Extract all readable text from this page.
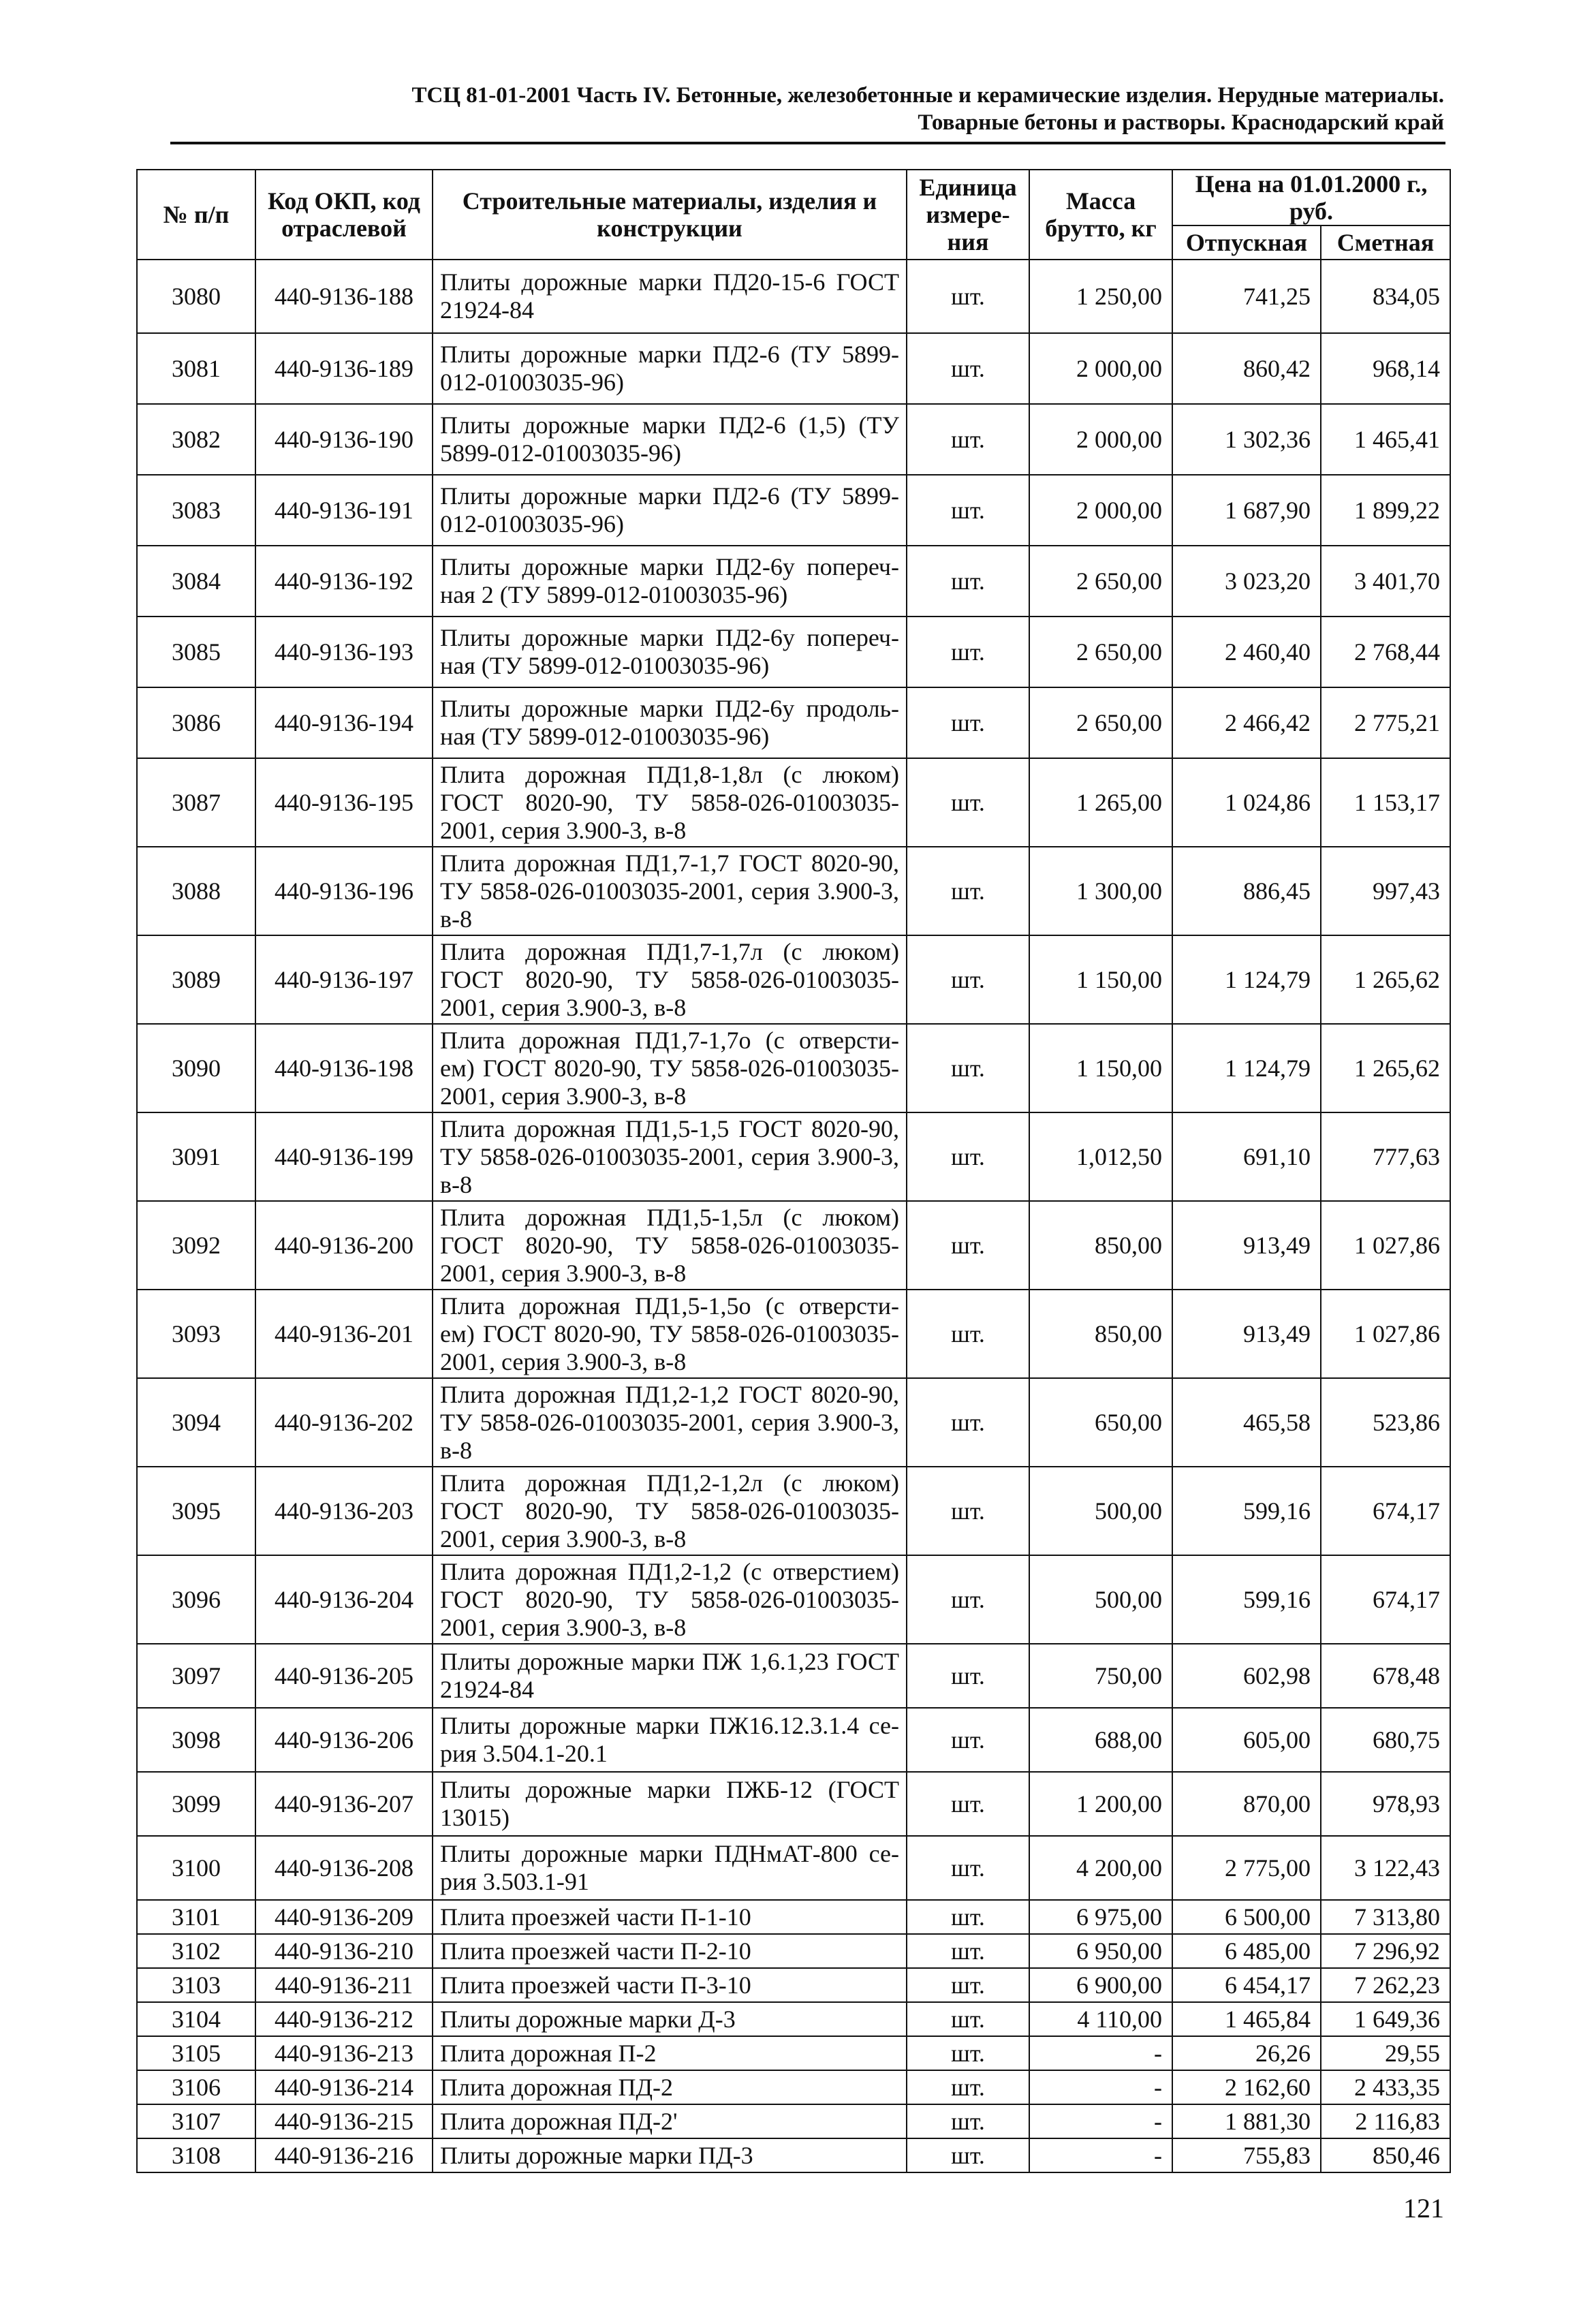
ТСЦ 81-01-2001 Часть IV. Бетонные, железобетонные и керамические изделия. Нерудные материалы.
Товарные бетоны и растворы. Краснодарский край
№ п/п	Код ОКП, код отраслевой	Строительные материалы, изделия и конструкции	Единица измере-ния	Масса брутто, кг	Цена на 01.01.2000 г., руб.	
					Отпускная	Сметная
3080	440-9136-188	Плиты дорожные марки ПД20-15-6 ГОСТ 21924-84	шт.	1 250,00	741,25	834,05
3081	440-9136-189	Плиты дорожные марки ПД2-6 (ТУ 5899-012-01003035-96)	шт.	2 000,00	860,42	968,14
3082	440-9136-190	Плиты дорожные марки ПД2-6 (1,5) (ТУ 5899-012-01003035-96)	шт.	2 000,00	1 302,36	1 465,41
3083	440-9136-191	Плиты дорожные марки ПД2-6 (ТУ 5899-012-01003035-96)	шт.	2 000,00	1 687,90	1 899,22
3084	440-9136-192	Плиты дорожные марки ПД2-6у попереч-ная 2 (ТУ 5899-012-01003035-96)	шт.	2 650,00	3 023,20	3 401,70
3085	440-9136-193	Плиты дорожные марки ПД2-6у попереч-ная (ТУ 5899-012-01003035-96)	шт.	2 650,00	2 460,40	2 768,44
3086	440-9136-194	Плиты дорожные марки ПД2-6у продоль-ная (ТУ 5899-012-01003035-96)	шт.	2 650,00	2 466,42	2 775,21
3087	440-9136-195	Плита дорожная ПД1,8-1,8л (с люком) ГОСТ 8020-90, ТУ 5858-026-01003035-2001, серия 3.900-3, в-8	шт.	1 265,00	1 024,86	1 153,17
3088	440-9136-196	Плита дорожная ПД1,7-1,7 ГОСТ 8020-90, ТУ 5858-026-01003035-2001, серия 3.900-3, в-8	шт.	1 300,00	886,45	997,43
3089	440-9136-197	Плита дорожная ПД1,7-1,7л (с люком) ГОСТ 8020-90, ТУ 5858-026-01003035-2001, серия 3.900-3, в-8	шт.	1 150,00	1 124,79	1 265,62
3090	440-9136-198	Плита дорожная ПД1,7-1,7о (с отверсти-ем) ГОСТ 8020-90, ТУ 5858-026-01003035-2001, серия 3.900-3, в-8	шт.	1 150,00	1 124,79	1 265,62
3091	440-9136-199	Плита дорожная ПД1,5-1,5 ГОСТ 8020-90, ТУ 5858-026-01003035-2001, серия 3.900-3, в-8	шт.	1,012,50	691,10	777,63
3092	440-9136-200	Плита дорожная ПД1,5-1,5л (с люком) ГОСТ 8020-90, ТУ 5858-026-01003035-2001, серия 3.900-3, в-8	шт.	850,00	913,49	1 027,86
3093	440-9136-201	Плита дорожная ПД1,5-1,5о (с отверсти-ем) ГОСТ 8020-90, ТУ 5858-026-01003035-2001, серия 3.900-3, в-8	шт.	850,00	913,49	1 027,86
3094	440-9136-202	Плита дорожная ПД1,2-1,2 ГОСТ 8020-90, ТУ 5858-026-01003035-2001, серия 3.900-3, в-8	шт.	650,00	465,58	523,86
3095	440-9136-203	Плита дорожная ПД1,2-1,2л (с люком) ГОСТ 8020-90, ТУ 5858-026-01003035-2001, серия 3.900-3, в-8	шт.	500,00	599,16	674,17
3096	440-9136-204	Плита дорожная ПД1,2-1,2 (с отверстием) ГОСТ 8020-90, ТУ 5858-026-01003035-2001, серия 3.900-3, в-8	шт.	500,00	599,16	674,17
3097	440-9136-205	Плиты дорожные марки ПЖ 1,6.1,23 ГОСТ 21924-84	шт.	750,00	602,98	678,48
3098	440-9136-206	Плиты дорожные марки ПЖ16.12.3.1.4 се-рия 3.504.1-20.1	шт.	688,00	605,00	680,75
3099	440-9136-207	Плиты дорожные марки ПЖБ-12 (ГОСТ 13015)	шт.	1 200,00	870,00	978,93
3100	440-9136-208	Плиты дорожные марки ПДНмАТ-800 се-рия 3.503.1-91	шт.	4 200,00	2 775,00	3 122,43
3101	440-9136-209	Плита проезжей части П-1-10	шт.	6 975,00	6 500,00	7 313,80
3102	440-9136-210	Плита проезжей части П-2-10	шт.	6 950,00	6 485,00	7 296,92
3103	440-9136-211	Плита проезжей части П-3-10	шт.	6 900,00	6 454,17	7 262,23
3104	440-9136-212	Плиты дорожные марки Д-3	шт.	4 110,00	1 465,84	1 649,36
3105	440-9136-213	Плита дорожная П-2	шт.	-	26,26	29,55
3106	440-9136-214	Плита дорожная ПД-2	шт.	-	2 162,60	2 433,35
3107	440-9136-215	Плита дорожная ПД-2'	шт.	-	1 881,30	2 116,83
3108	440-9136-216	Плиты дорожные марки ПД-3	шт.	-	755,83	850,46
121
